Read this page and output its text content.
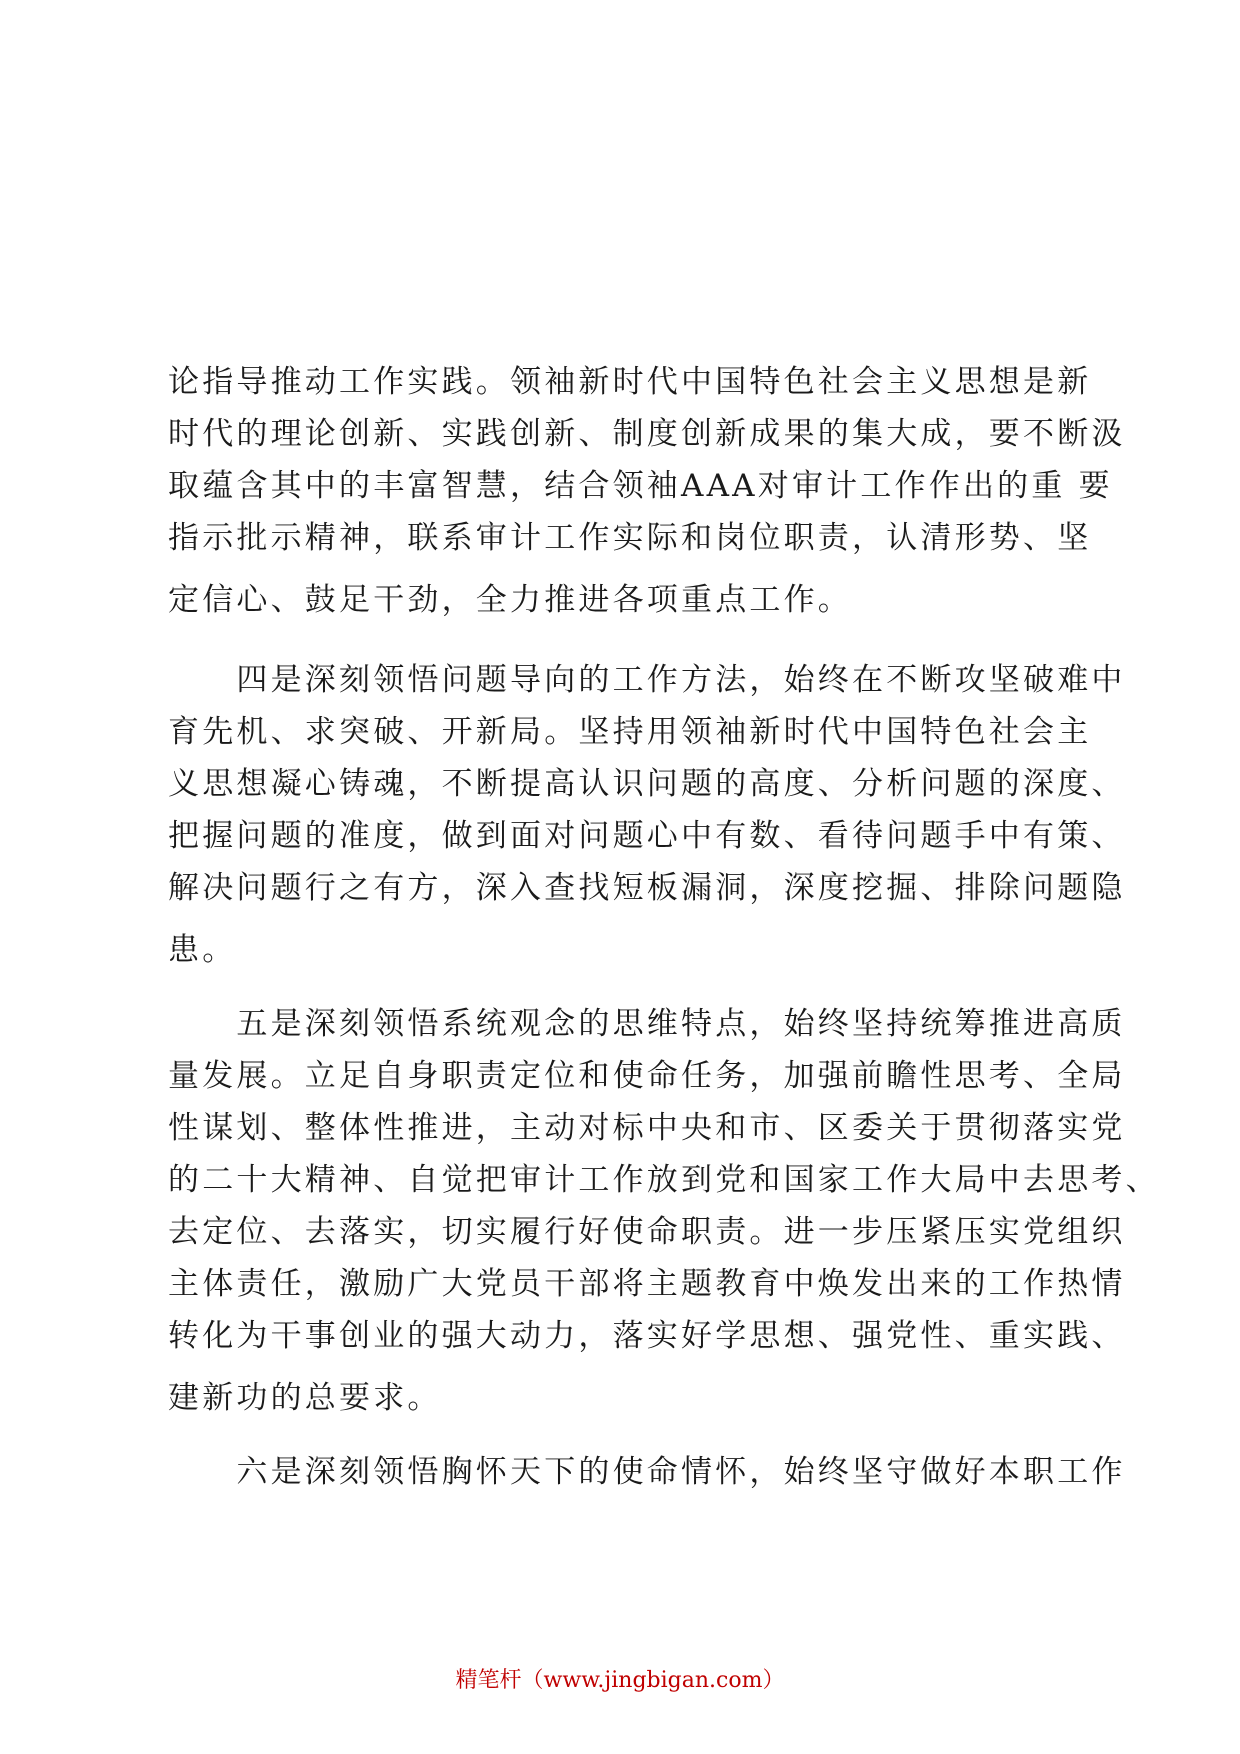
论指导推动工作实践。领袖新时代中国特色社会主义思想是新
时代的理论创新、实践创新、制度创新成果的集大成，要不断汲
取蕴含其中的丰富智慧，结合领袖AAA对审计工作作出的重 要
指示批示精神，联系审计工作实际和岗位职责，认清形势、坚
定信心、鼓足干劲，全力推进各项重点工作。
　　四是深刻领悟问题导向的工作方法，始终在不断攻坚破难中
育先机、求突破、开新局。坚持用领袖新时代中国特色社会主
义思想凝心铸魂，不断提高认识问题的高度、分析问题的深度、
把握问题的准度，做到面对问题心中有数、看待问题手中有策、
解决问题行之有方，深入查找短板漏洞，深度挖掘、排除问题隐
患。
　　五是深刻领悟系统观念的思维特点，始终坚持统筹推进高质
量发展。立足自身职责定位和使命任务，加强前瞻性思考、全局
性谋划、整体性推进，主动对标中央和市、区委关于贯彻落实党
的二十大精神、自觉把审计工作放到党和国家工作大局中去思考、
去定位、去落实，切实履行好使命职责。进一步压紧压实党组织
主体责任，激励广大党员干部将主题教育中焕发出来的工作热情
转化为干事创业的强大动力，落实好学思想、强党性、重实践、
建新功的总要求。
　　六是深刻领悟胸怀天下的使命情怀，始终坚守做好本职工作
精笔杆（www.jingbigan.com）
